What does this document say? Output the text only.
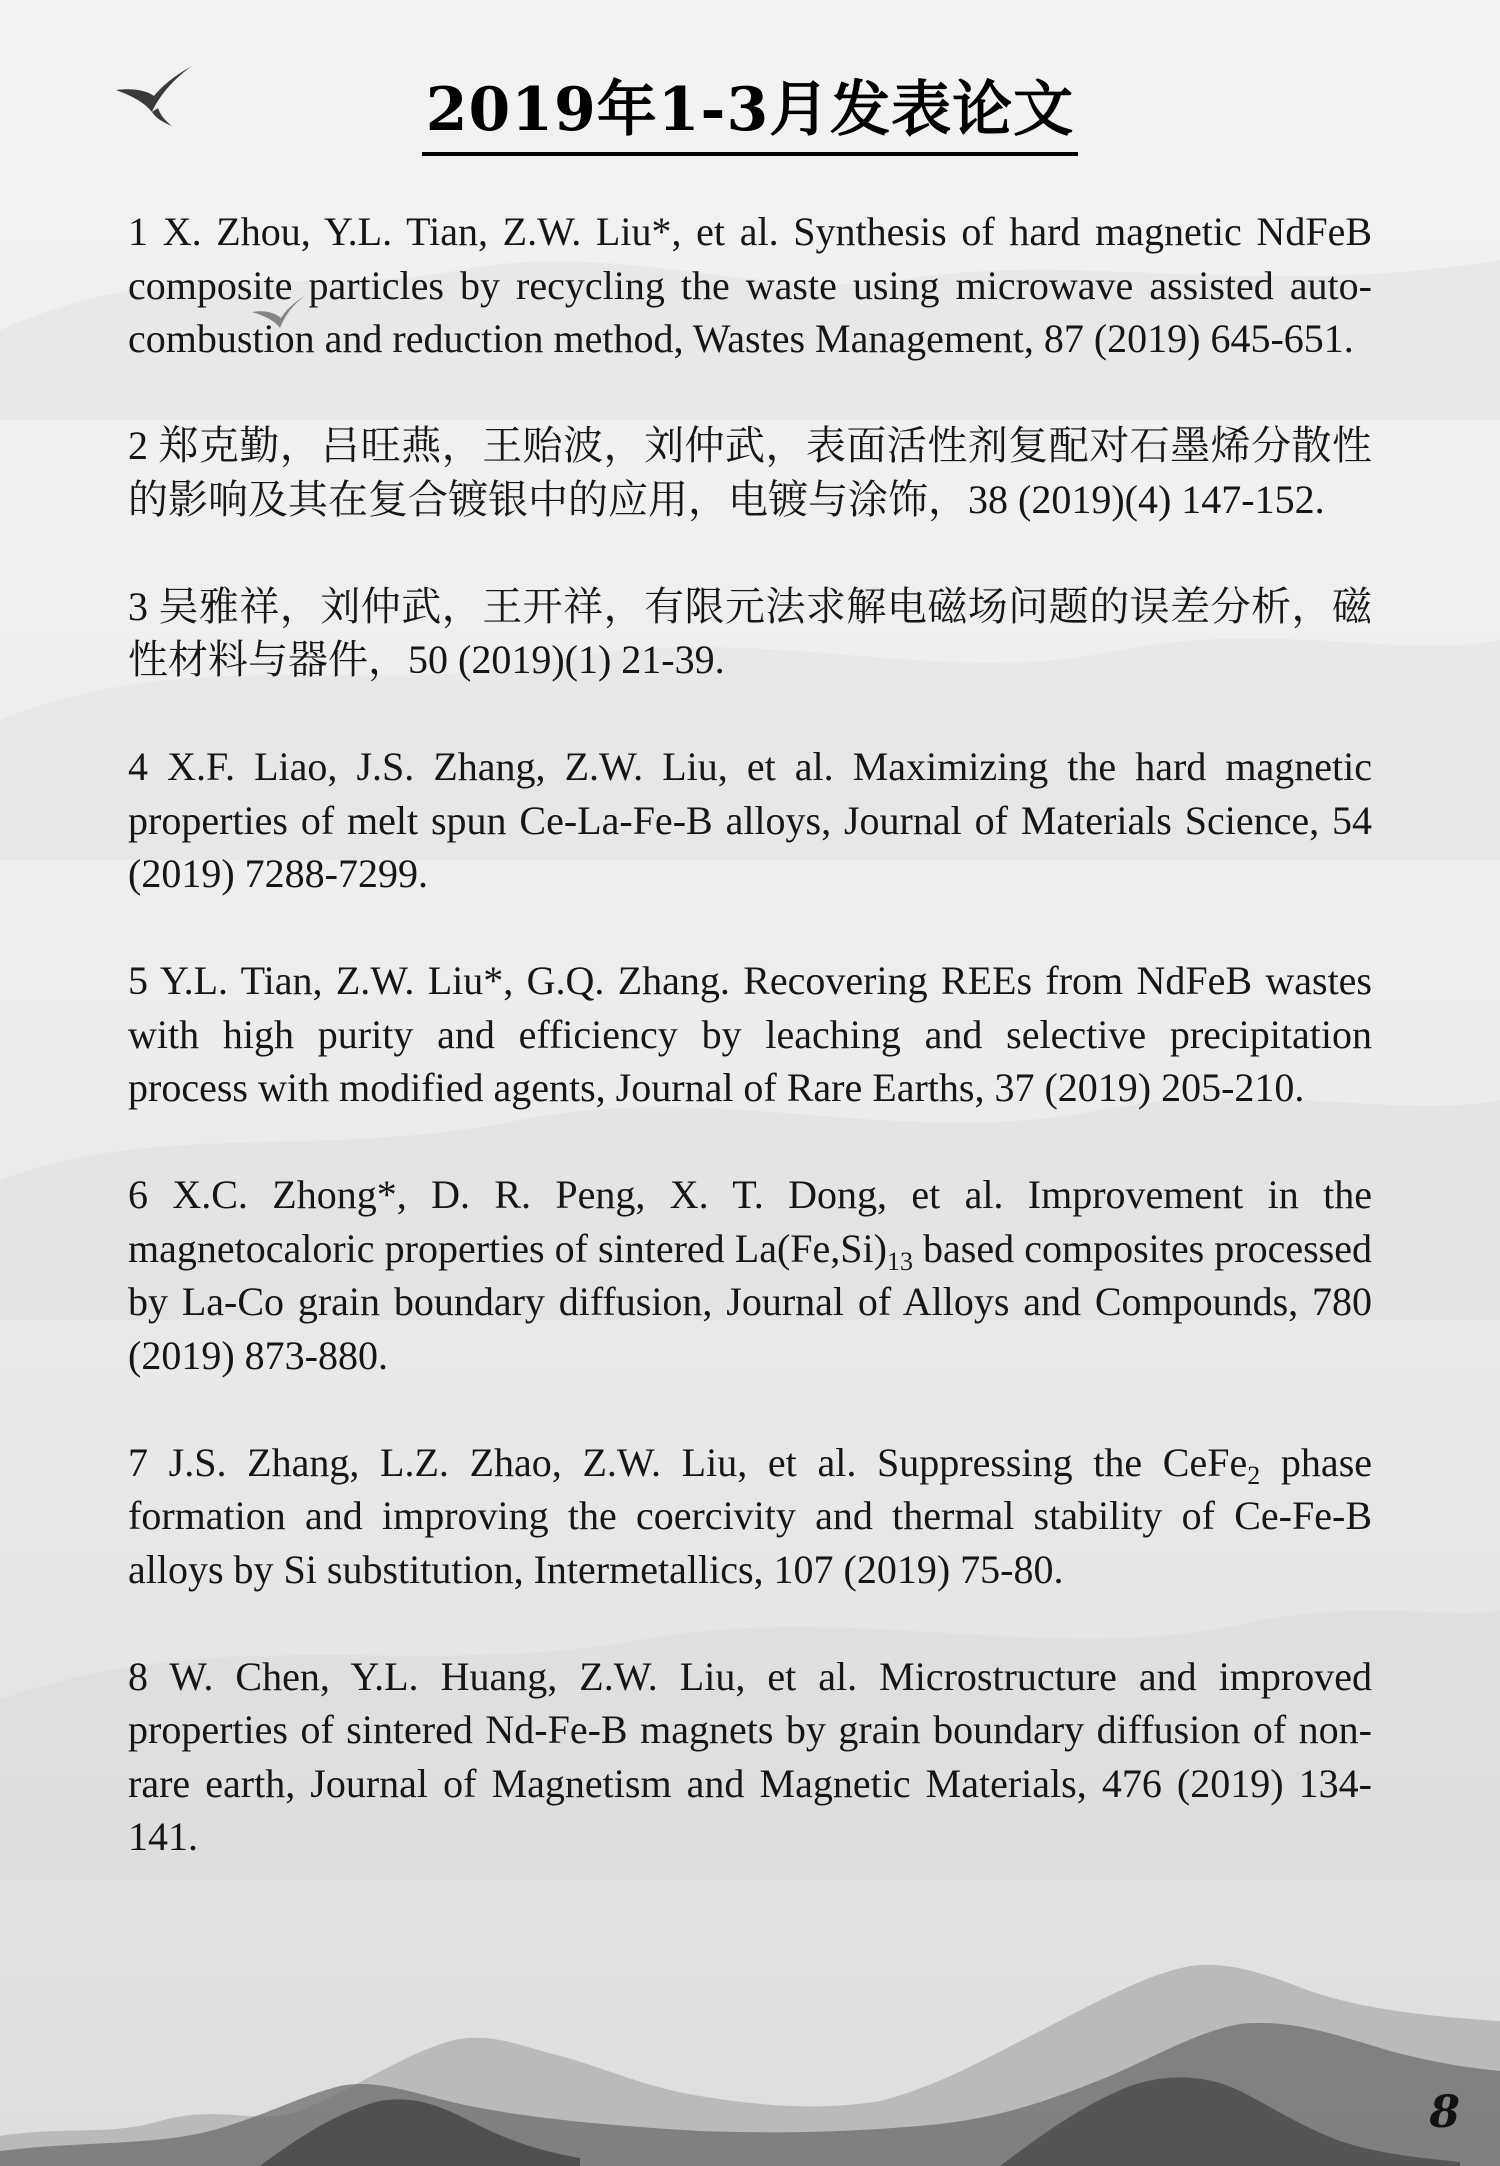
2019年1-3月发表论文

1 X. Zhou, Y.L. Tian, Z.W. Liu*, et al. Synthesis of hard magnetic NdFeB composite particles by recycling the waste using microwave assisted auto-combustion and reduction method, Wastes Management, 87 (2019) 645-651.

2 郑克勤，吕旺燕，王贻波，刘仲武，表面活性剂复配对石墨烯分散性的影响及其在复合镀银中的应用，电镀与涂饰，38 (2019)(4) 147-152.

3 吴雅祥，刘仲武，王开祥，有限元法求解电磁场问题的误差分析，磁性材料与器件，50 (2019)(1) 21-39.

4 X.F. Liao, J.S. Zhang, Z.W. Liu, et al. Maximizing the hard magnetic properties of melt spun Ce-La-Fe-B alloys, Journal of Materials Science, 54 (2019) 7288-7299.

5 Y.L. Tian, Z.W. Liu*, G.Q. Zhang. Recovering REEs from NdFeB wastes with high purity and efficiency by leaching and selective precipitation process with modified agents, Journal of Rare Earths, 37 (2019) 205-210.

6 X.C. Zhong*, D. R. Peng, X. T. Dong, et al. Improvement in the magnetocaloric properties of sintered $La(Fe,Si)_{13}$ based composites processed by La-Co grain boundary diffusion, Journal of Alloys and Compounds, 780 (2019) 873-880.

7 J.S. Zhang, L.Z. Zhao, Z.W. Liu, et al. Suppressing the CeFe$_2$ phase formation and improving the coercivity and thermal stability of Ce-Fe-B alloys by Si substitution, Intermetallics, 107 (2019) 75-80.

8 W. Chen, Y.L. Huang, Z.W. Liu, et al. Microstructure and improved properties of sintered Nd-Fe-B magnets by grain boundary diffusion of non-rare earth, Journal of Magnetism and Magnetic Materials, 476 (2019) 134-141.

8
